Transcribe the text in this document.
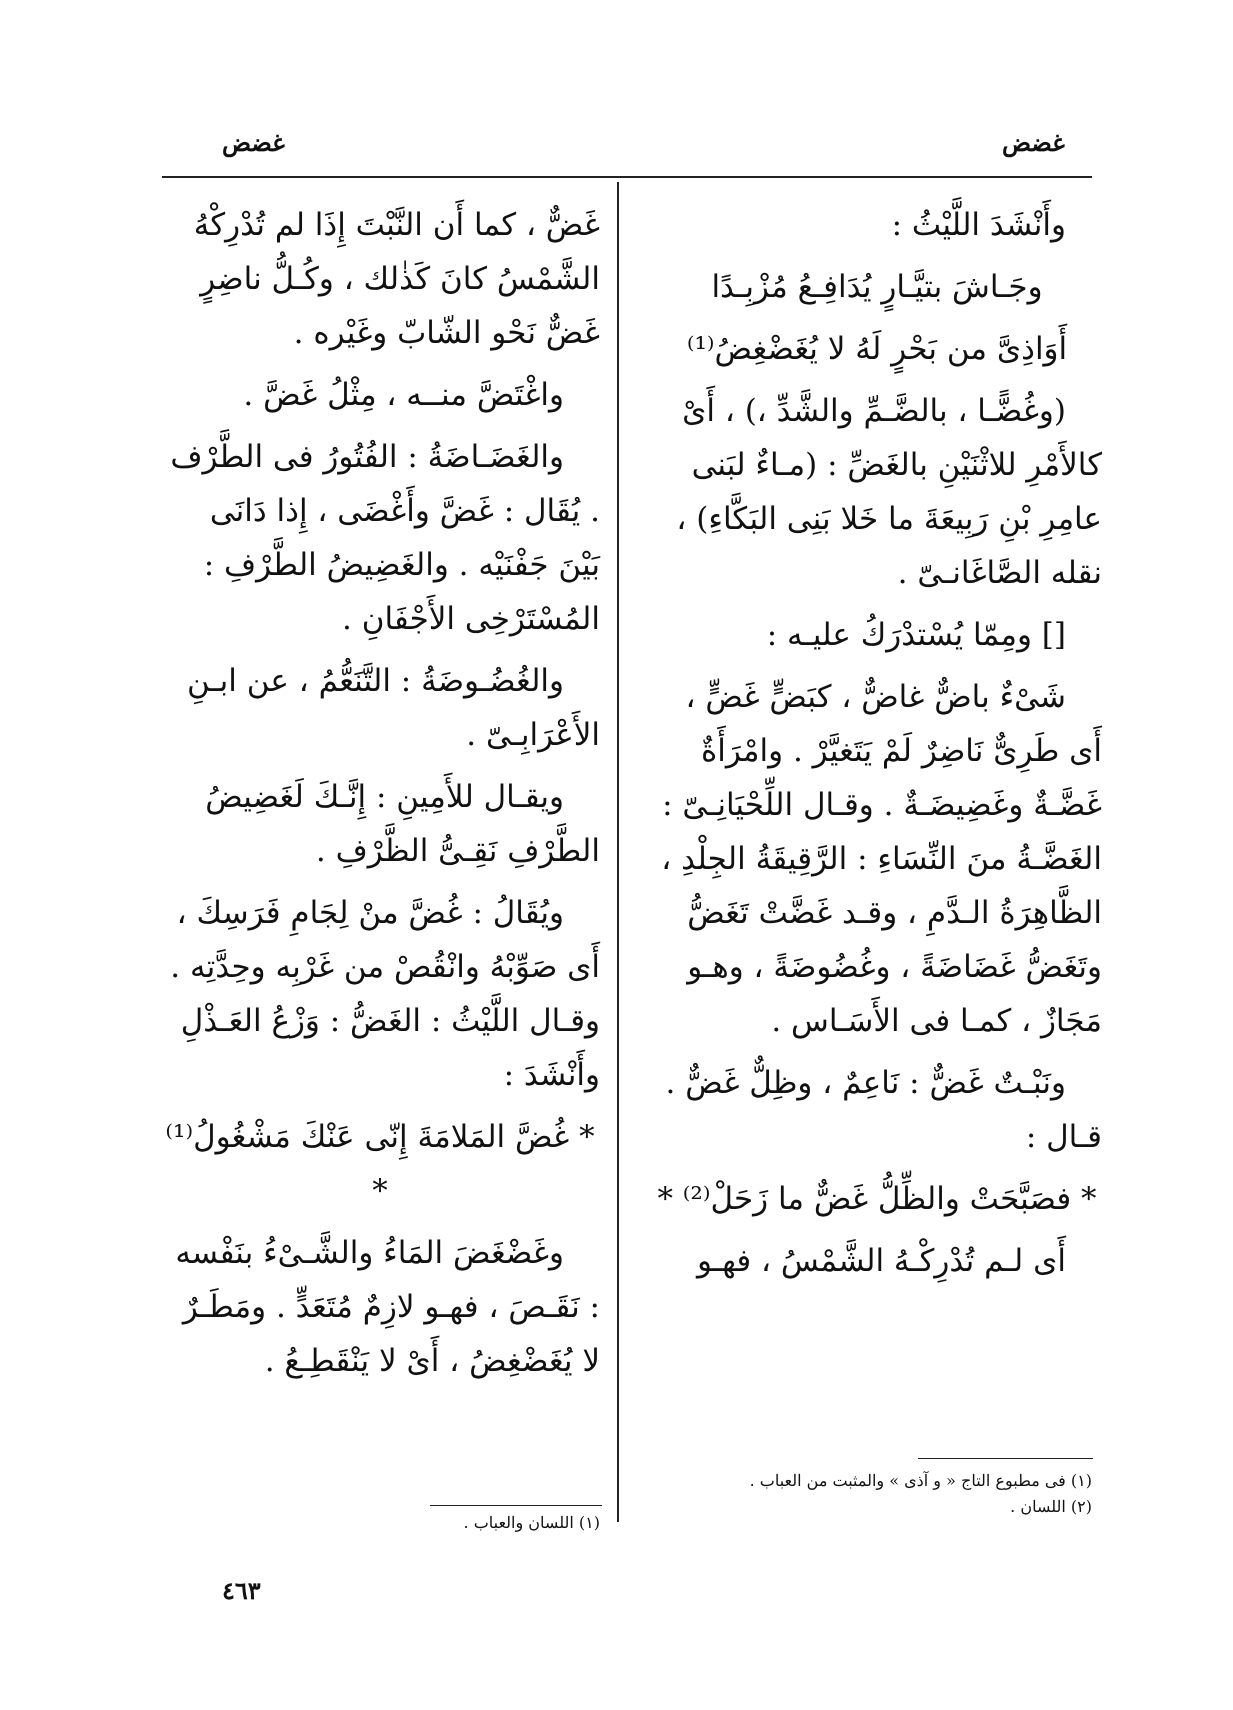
غضض
غضض

وأَنْشَدَ اللَّيْثُ :

وجَـاشَ بتيَّـارٍ يُدَافِـعُ مُزْبِـدًا

أَوَاذِىَّ من بَحْرٍ لَهُ لا يُغَضْغِضُ⁽¹⁾

(وغُضًّـا ، بالضَّـمِّ والشَّدِّ ،) ، أَىْ كالأَمْرِ للاثْنَيْنِ بالغَضِّ : (مـاءٌ لبَنى عامِرِ بْنِ رَبِيعَةَ ما خَلا بَنِى البَكَّاءِ) ، نقله الصَّاغَانـىّ .

[] ومِمّا يُسْتدْرَكُ عليـه :

شَىْءٌ باضٌّ غاضٌّ ، كبَضٍّ غَضٍّ ، أَى طَرِىٌّ نَاضِرٌ لَمْ يَتَغيَّرْ . وامْرَأَةٌ غَضَّـةٌ وغَضِيضَـةٌ . وقـال اللِّحْيَانِـىّ : الغَضَّـةُ منَ النِّسَاءِ : الرَّقِيقَةُ الجِلْدِ ، الظَّاهِرَةُ الـدَّمِ ، وقـد غَضَّتْ تَغَضُّ وتَغَضُّ غَضَاضَةً ، وغُضُوضَةً ، وهـو مَجَازٌ ، كمـا فى الأَسَـاس .

ونَبْـتٌ غَضٌّ : نَاعِمٌ ، وظِلٌّ غَضٌّ . قـال :

* فصَبَّحَتْ والظِّلُّ غَضٌّ ما زَحَلْ⁽²⁾ *

أَى لـم تُدْرِكْـهُ الشَّمْسُ ، فهـو

غَضٌّ ، كما أَن النَّبْتَ إِذَا لم تُدْرِكْهُ الشَّمْسُ كانَ كَذٰلك ، وكُـلُّ ناضِرٍ غَضٌّ نَحْو الشّابّ وغَيْره .

واغْتَضَّ منــه ، مِثْلُ غَضَّ .

والغَضَـاضَةُ : الفُتُورُ فى الطَّرْف . يُقَال : غَضَّ وأَغْضَى ، إِذا دَانَى بَيْنَ جَفْنَيْه . والغَضِيضُ الطَّرْفِ : المُسْتَرْخِى الأَجْفَانِ .

والغُضُـوضَةُ : التَّنَعُّمُ ، عن ابـنِ الأَعْرَابِـىّ .

ويقـال للأَمِينِ : إِنَّـكَ لَغَضِيضُ الطَّرْفِ نَقِـىُّ الظَّرْفِ .

ويُقَالُ : غُضَّ منْ لِجَامِ فَرَسِكَ ، أَى صَوِّبْهُ وانْقُصْ من غَرْبِه وحِدَّتِه . وقـال اللَّيْثُ : الغَضُّ : وَزْعُ العَـذْلِ وأَنْشَدَ :

* غُضَّ المَلامَةَ إِنّى عَنْكَ مَشْغُولُ⁽¹⁾ *

وغَضْغَضَ المَاءُ والشَّـىْءُ بنَفْسه : نَقَـصَ ، فهـو لازِمٌ مُتَعَدٍّ . ومَطَـرٌ لا يُغَضْغِضُ ، أَىْ لا يَنْقَطِـعُ .

(١) فى مطبوع التاج « و آذى » والمثبت من العباب .
(٢) اللسان .
(١) اللسان والعباب .
٤٦٣
